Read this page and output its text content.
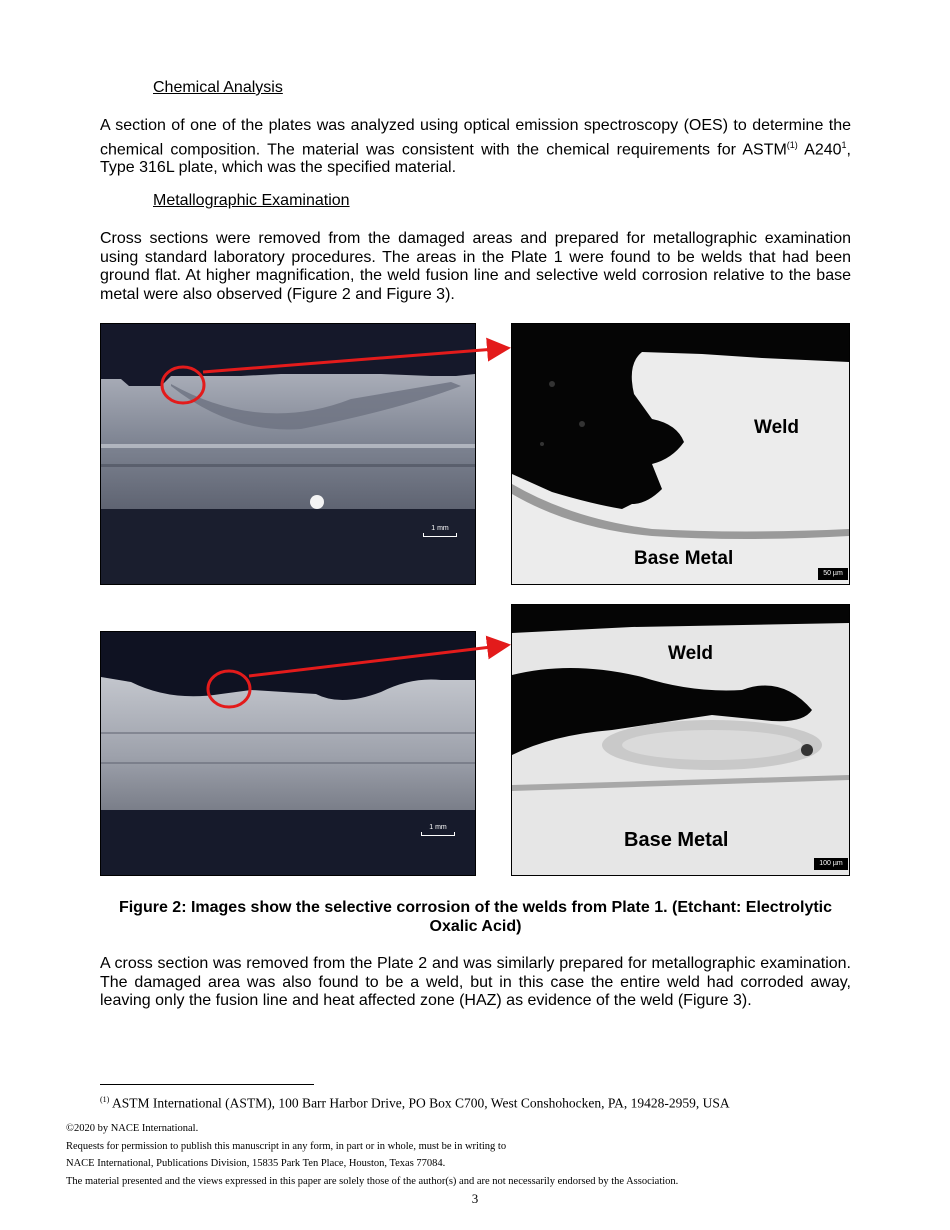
Chemical Analysis
A section of one of the plates was analyzed using optical emission spectroscopy (OES) to determine the chemical composition. The material was consistent with the chemical requirements for ASTM$^{(1)}$ $A240^1$, Type 316L plate, which was the specified material.
Metallographic Examination
Cross sections were removed from the damaged areas and prepared for metallographic examination using standard laboratory procedures. The areas in the Plate 1 were found to be welds that had been ground flat. At higher magnification, the weld fusion line and selective weld corrosion relative to the base metal were also observed (Figure 2 and Figure 3).
1 mm
Weld
Base Metal
50 µm
1 mm
Weld
Base Metal
100 µm
Figure 2: Images show the selective corrosion of the welds from Plate 1. (Etchant: Electrolytic Oxalic Acid)
A cross section was removed from the Plate 2 and was similarly prepared for metallographic examination. The damaged area was also found to be a weld, but in this case the entire weld had corroded away, leaving only the fusion line and heat affected zone (HAZ) as evidence of the weld (Figure 3).
$^{(1)}$ ASTM International (ASTM), 100 Barr Harbor Drive, PO Box C700, West Conshohocken, PA, 19428-2959, USA
©2020 by NACE International.
Requests for permission to publish this manuscript in any form, in part or in whole, must be in writing to
NACE International, Publications Division, 15835 Park Ten Place, Houston, Texas 77084.
The material presented and the views expressed in this paper are solely those of the author(s) and are not necessarily endorsed by the Association.
3
